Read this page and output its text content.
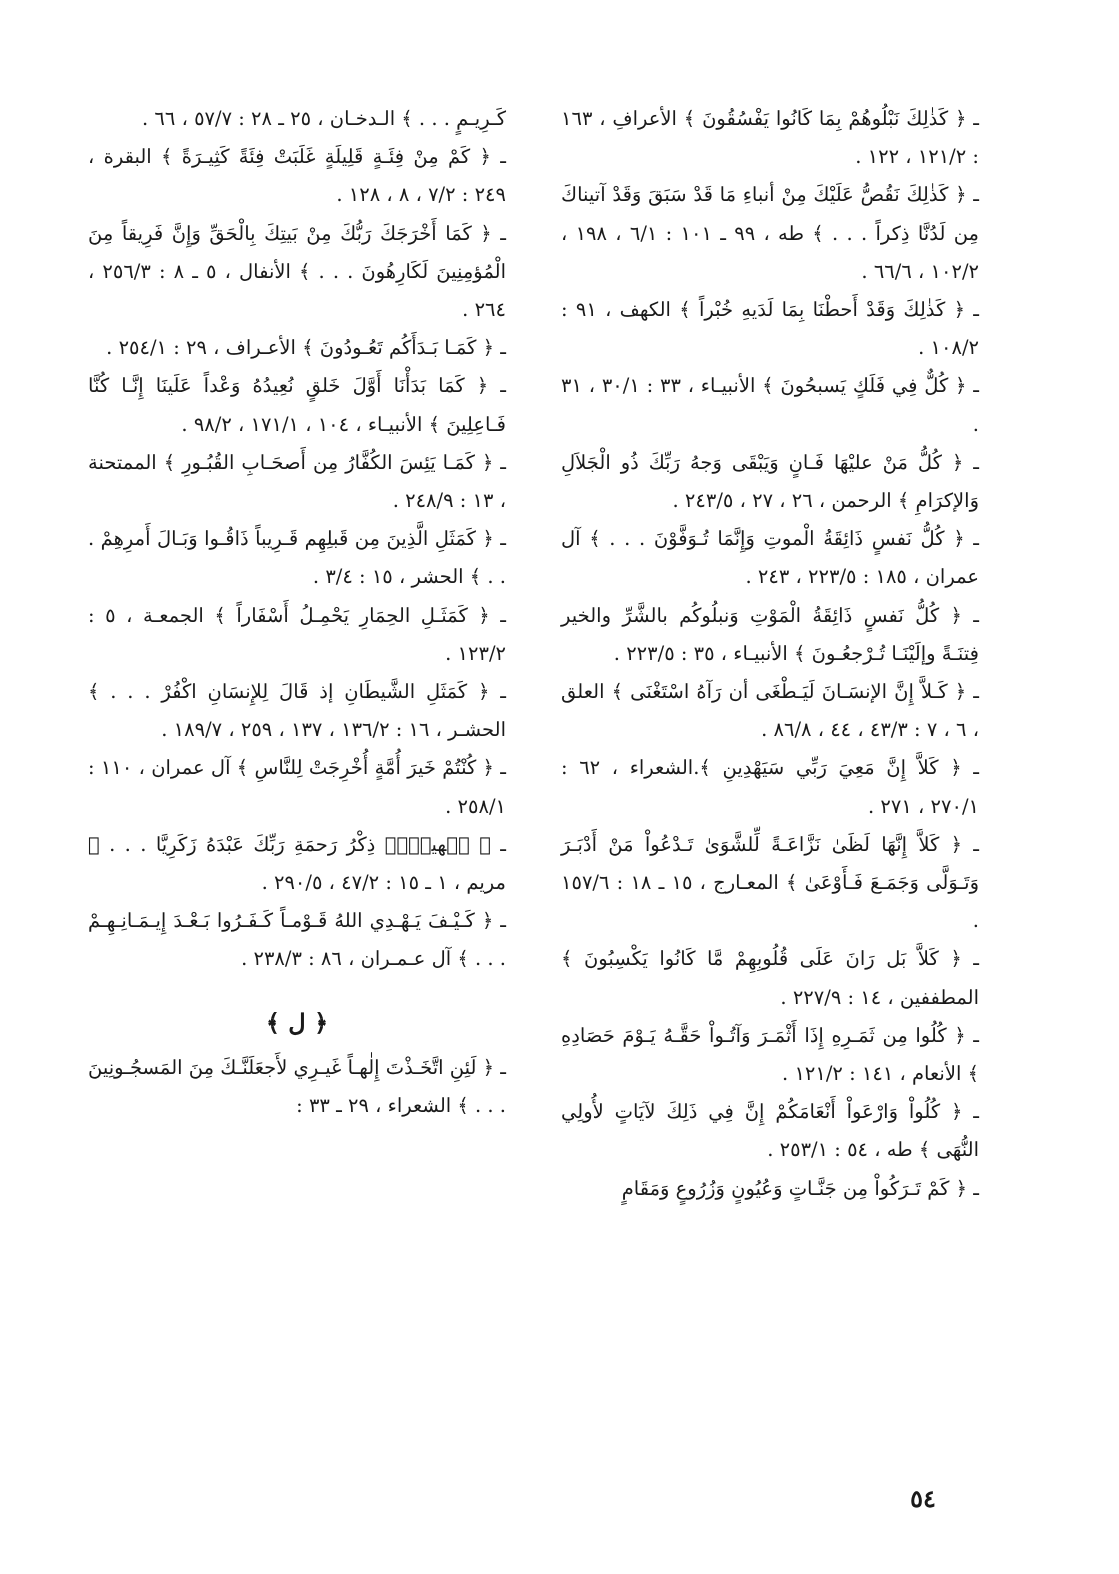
ـ ﴿ كَذٰلِكَ نَبْلُوهُمْ بِمَا كَانُوا يَفْسُقُونَ ﴾ الأعرافِ ، ١٦٣ : ١٢١/٢ ، ١٢٢ .

ـ ﴿ كَذٰلِكَ نَقُصُّ عَلَيْكَ مِنْ أنباءِ مَا قَدْ سَبَقَ وَقَدْ آتيناكَ مِن لَدُنَّا ذِكراً . . . ﴾ طه ، ٩٩ ـ ١٠١ : ٦/١ ، ١٩٨ ، ١٠٢/٢ ، ٦٦/٦ .

ـ ﴿ كَذٰلِكَ وَقَدْ أَحطْنَا بِمَا لَدَيهِ خُبْراً ﴾ الكهف ، ٩١ : ١٠٨/٢ .

ـ ﴿ كُلٌّ فِي فَلَكٍ يَسبحُونَ ﴾ الأنبيـاء ، ٣٣ : ٣٠/١ ، ٣١ .

ـ ﴿ كُلُّ مَنْ عليْهَا فَـانٍ وَيَبْقَى وَجهُ رَبِّكَ ذُو الْجَلاَلِ وَالإكرَامِ ﴾ الرحمن ، ٢٦ ، ٢٧ ، ٢٤٣/٥ .

ـ ﴿ كُلُّ نَفسٍ ذَائِقَةُ الْموتِ وَإِنَّمَا تُـوَفَّوْنَ . . . ﴾ آل عمران ، ١٨٥ : ٢٢٣/٥ ، ٢٤٣ .

ـ ﴿ كُلُّ نَفسٍ ذَائِقَةُ الْمَوْتِ وَنبلُوكُم بالشَّرِّ والخير فِتنَـةً وإلَيْنَـا تُـرْجعُـونَ ﴾ الأنبيـاء ، ٣٥ : ٢٢٣/٥ .

ـ ﴿ كَـلاَّ إِنَّ الإنسَـانَ لَيَـطْغَى أن رَآهُ اسْتَغْنَى ﴾ العلق ، ٦ ، ٧ : ٤٣/٣ ، ٤٤ ، ٨٦/٨ .

ـ ﴿ كَلاَّ إِنَّ مَعِيَ رَبِّي سَيَهْدِينِ ﴾.الشعراء ، ٦٢ : ٢٧٠/١ ، ٢٧١ .

ـ ﴿ كَلاَّ إِنَّهَا لَظَىٰ نَزَّاعَـةً لِّلشَّوَىٰ تَـدْعُواْ مَنْ أَدْبَـرَ وَتَـوَلَّى وَجَمَـعَ فَـأَوْعَىٰ ﴾ المعـارج ، ١٥ ـ ١٨ : ١٥٧/٦ .

ـ ﴿ كَلاَّ بَل رَانَ عَلَى قُلُوبِهِمْ مَّا كَانُوا يَكْسِبُونَ ﴾ المطففين ، ١٤ : ٢٢٧/٩ .

ـ ﴿ كُلُوا مِن ثَمَـرِهِ إِذَا أَثْمَـرَ وَآتُـواْ حَقَّـهُ يَـوْمَ حَصَادِهِ ﴾ الأنعام ، ١٤١ : ١٢١/٢ .

ـ ﴿ كُلُواْ وَارْعَواْ أَنْعَامَكُمْ إِنَّ فِي ذَلِكَ لآيَاتٍ لأُولِي النُّهَى ﴾ طه ، ٥٤ : ٢٥٣/١ .

ـ ﴿ كَمْ تَـرَكُواْ مِن جَنَّـاتٍ وَعُيُونٍ وَزُرُوعٍ وَمَقَامٍ

كَـرِيـمٍ . . . ﴾ الـدخـان ، ٢٥ ـ ٢٨ : ٥٧/٧ ، ٦٦ .

ـ ﴿ كَمْ مِنْ فِئَـةٍ قَلِيلَةٍ غَلَبَتْ فِئَةً كَثِيـرَةً ﴾ البقرة ، ٢٤٩ : ٧/٢ ، ٨ ، ١٢٨ .

ـ ﴿ كَمَا أَخْرَجَكَ رَبُّكَ مِنْ بَيتِكَ بِالْحَقِّ وَإِنَّ فَرِيقاً مِنَ الْمُؤمِنِينَ لَكَارِهُونَ . . . ﴾ الأنفال ، ٥ ـ ٨ : ٢٥٦/٣ ، ٢٦٤ .

ـ ﴿ كَمَـا بَـدَأَكُم تَعُـودُونَ ﴾ الأعـراف ، ٢٩ : ٢٥٤/١ .

ـ ﴿ كَمَا بَدَأْنَا أَوَّلَ خَلقٍ نُعِيدُهُ وَعْداً عَلَينَا إِنَّـا كُنَّا فَـاعِلِينَ ﴾ الأنبيـاء ، ١٠٤ ، ١٧١/١ ، ٩٨/٢ .

ـ ﴿ كَمَـا يَئِسَ الكُفَّارُ مِن أَصحَـابِ القُبُـورِ ﴾ الممتحنة ، ١٣ : ٢٤٨/٩ .

ـ ﴿ كَمَثَلِ الَّذِينَ مِن قَبلِهِم قَـرِيباً ذَاقُـوا وَبَـالَ أَمرِهِمْ . . . ﴾ الحشر ، ١٥ : ٣/٤ .

ـ ﴿ كَمَثَـلِ الحِمَارِ يَحْمِـلُ أَسْفَاراً ﴾ الجمعـة ، ٥ : ١٢٣/٢ .

ـ ﴿ كَمَثَلِ الشَّيطَانِ إذ قَالَ لِلإِنسَانِ اكْفُرْ . . . ﴾ الحشـر ، ١٦ : ١٣٦/٢ ، ١٣٧ ، ٢٥٩ ، ١٨٩/٧ .

ـ ﴿ كُنْتُمْ خَيرَ أُمَّةٍ أُخْرِجَتْ لِلنَّاسِ ﴾ آل عمران ، ١١٠ : ٢٥٨/١ .

ـ ﴿ كۤهيعۤصۤ ذِكْرُ رَحمَةِ رَبِّكَ عَبْدَهُ زَكَرِيَّا . . . ﴾ مريم ، ١ ـ ١٥ : ٤٧/٢ ، ٢٩٠/٥ .

ـ ﴿ كَـيْـفَ يَـهْـدِي اللهُ قَـوْمـاً كَـفَـرُوا بَـعْـدَ إِيـمَـانِـهِـمْ . . . ﴾ آل عـمـران ، ٨٦ : ٢٣٨/٣ .

﴿ ل ﴾

ـ ﴿ لَئِنِ اتَّخَـذْتَ إِلٰهـاً غَيـرِي لأَجعَلَنَّـكَ مِنَ المَسجُـونِينَ . . . ﴾ الشعراء ، ٢٩ ـ ٣٣ :

٥٤
